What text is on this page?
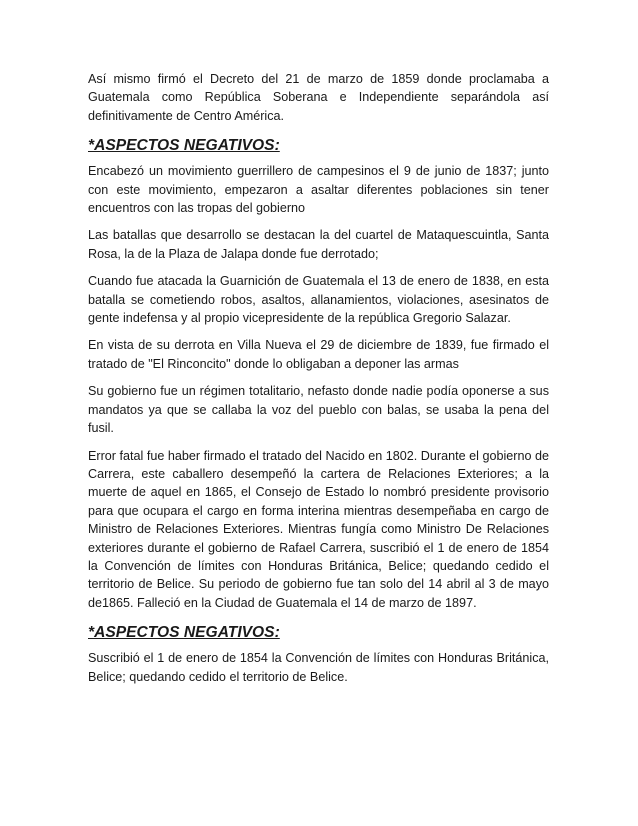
Así mismo firmó el Decreto del 21 de marzo de 1859 donde proclamaba a Guatemala como República Soberana e Independiente separándola así definitivamente de Centro América.

*ASPECTOS NEGATIVOS:

Encabezó un movimiento guerrillero de campesinos el 9 de junio de 1837; junto con este movimiento, empezaron a asaltar diferentes poblaciones sin tener encuentros con las tropas del gobierno

Las batallas que desarrollo se destacan la del cuartel de Mataquescuintla, Santa Rosa, la de la Plaza de Jalapa donde fue derrotado;

Cuando fue atacada la Guarnición de Guatemala el 13 de enero de 1838, en esta batalla se cometiendo robos, asaltos, allanamientos, violaciones, asesinatos de gente indefensa y al propio vicepresidente de la república Gregorio Salazar.

En vista de su derrota en Villa Nueva el 29 de diciembre de 1839, fue firmado el tratado de "El Rinconcito" donde lo obligaban a deponer las armas

Su gobierno fue un régimen totalitario, nefasto donde nadie podía oponerse a sus mandatos ya que se callaba la voz del pueblo con balas, se usaba la pena del fusil.

Error fatal fue haber firmado el tratado del Nacido en 1802. Durante el gobierno de Carrera, este caballero desempeñó la cartera de Relaciones Exteriores; a la muerte de aquel en 1865, el Consejo de Estado lo nombró presidente provisorio para que ocupara el cargo en forma interina mientras desempeñaba en cargo de Ministro de Relaciones Exteriores. Mientras fungía como Ministro De Relaciones exteriores durante el gobierno de Rafael Carrera, suscribió el 1 de enero de 1854 la Convención de límites con Honduras Británica, Belice; quedando cedido el territorio de Belice. Su periodo de gobierno fue tan solo del 14 abril al 3 de mayo de1865. Falleció en la Ciudad de Guatemala el 14 de marzo de 1897.

*ASPECTOS NEGATIVOS:

Suscribió el 1 de enero de 1854 la Convención de límites con Honduras Británica, Belice; quedando cedido el territorio de Belice.
